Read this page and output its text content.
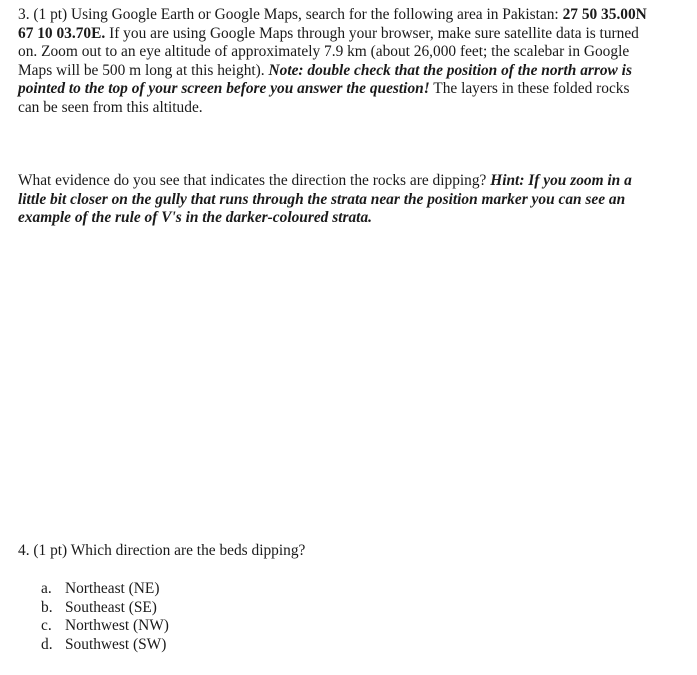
3. (1 pt) Using Google Earth or Google Maps, search for the following area in Pakistan: 27 50 35.00N 67 10 03.70E. If you are using Google Maps through your browser, make sure satellite data is turned on. Zoom out to an eye altitude of approximately 7.9 km (about 26,000 feet; the scalebar in Google Maps will be 500 m long at this height). Note: double check that the position of the north arrow is pointed to the top of your screen before you answer the question! The layers in these folded rocks can be seen from this altitude.

What evidence do you see that indicates the direction the rocks are dipping? Hint: If you zoom in a little bit closer on the gully that runs through the strata near the position marker you can see an example of the rule of V's in the darker-coloured strata.

4. (1 pt) Which direction are the beds dipping?

a. Northeast (NE)
b. Southeast (SE)
c. Northwest (NW)
d. Southwest (SW)
